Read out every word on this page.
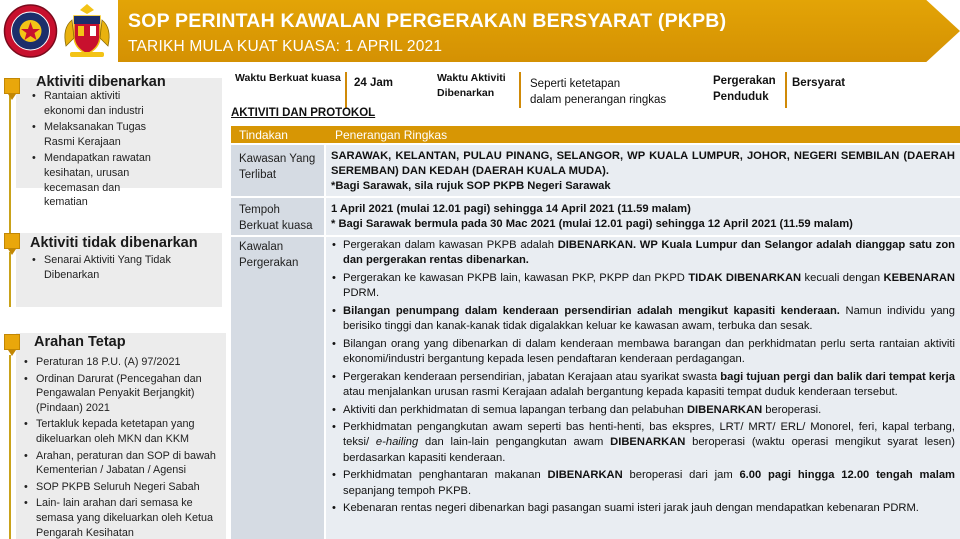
SOP PERINTAH KAWALAN PERGERAKAN BERSYARAT (PKPB)
TARIKH MULA KUAT KUASA: 1 APRIL 2021
Aktiviti dibenarkan
• Rantaian aktiviti ekonomi dan industri
• Melaksanakan Tugas Rasmi Kerajaan
• Mendapatkan rawatan kesihatan, urusan kecemasan dan kematian
Aktiviti tidak dibenarkan
• Senarai Aktiviti Yang Tidak Dibenarkan
Arahan Tetap
• Peraturan 18 P.U. (A) 97/2021
• Ordinan Darurat (Pencegahan dan Pengawalan Penyakit Berjangkit) (Pindaan) 2021
• Tertakluk kepada ketetapan yang dikeluarkan oleh MKN dan KKM
• Arahan, peraturan dan SOP di bawah Kementerian / Jabatan / Agensi
• SOP PKPB Seluruh Negeri Sabah
• Lain- lain arahan dari semasa ke semasa yang dikeluarkan oleh Ketua Pengarah Kesihatan
Waktu Berkuat kuasa 24 Jam	Waktu Aktiviti
Dibenarkan
Seperti ketetapan
dalam penerangan ringkas
Pergerakan
Penduduk
Bersyarat
AKTIVITI DAN PROTOKOL
Tindakan	Penerangan Ringkas
Kawasan Yang Terlibat
SARAWAK, KELANTAN, PULAU PINANG, SELANGOR, WP KUALA LUMPUR, JOHOR, NEGERI SEMBILAN (DAERAH SEREMBAN) DAN KEDAH (DAERAH KUALA MUDA).
*Bagi Sarawak, sila rujuk SOP PKPB Negeri Sarawak
Tempoh Berkuat kuasa
1 April 2021 (mulai 12.01 pagi) sehingga 14 April 2021 (11.59 malam)
* Bagi Sarawak bermula pada 30 Mac 2021 (mulai 12.01 pagi) sehingga 12 April 2021 (11.59 malam)
Kawalan Pergerakan
• Pergerakan dalam kawasan PKPB adalah DIBENARKAN. WP Kuala Lumpur dan Selangor adalah dianggap satu zon dan pergerakan rentas dibenarkan.
• Pergerakan ke kawasan PKPB lain, kawasan PKP, PKPP dan PKPD TIDAK DIBENARKAN kecuali dengan KEBENARAN PDRM.
• Bilangan penumpang dalam kenderaan persendirian adalah mengikut kapasiti kenderaan. Namun individu yang berisiko tinggi dan kanak-kanak tidak digalakkan keluar ke kawasan awam, terbuka dan sesak.
• Bilangan orang yang dibenarkan di dalam kenderaan membawa barangan dan perkhidmatan perlu serta rantaian aktiviti ekonomi/industri bergantung kepada lesen pendaftaran kenderaan perdagangan.
• Pergerakan kenderaan persendirian, jabatan Kerajaan atau syarikat swasta bagi tujuan pergi dan balik dari tempat kerja atau menjalankan urusan rasmi Kerajaan adalah bergantung kepada kapasiti tempat duduk kenderaan tersebut.
• Aktiviti dan perkhidmatan di semua lapangan terbang dan pelabuhan DIBENARKAN beroperasi.
• Perkhidmatan pengangkutan awam seperti bas henti-henti, bas ekspres, LRT/ MRT/ ERL/ Monorel, feri, kapal terbang, teksi/ e-hailing dan lain-lain pengangkutan awam DIBENARKAN beroperasi (waktu operasi mengikut syarat lesen) berdasarkan kapasiti kenderaan.
• Perkhidmatan penghantaran makanan DIBENARKAN beroperasi dari jam 6.00 pagi hingga 12.00 tengah malam sepanjang tempoh PKPB.
• Kebenaran rentas negeri dibenarkan bagi pasangan suami isteri jarak jauh dengan mendapatkan kebenaran PDRM.
